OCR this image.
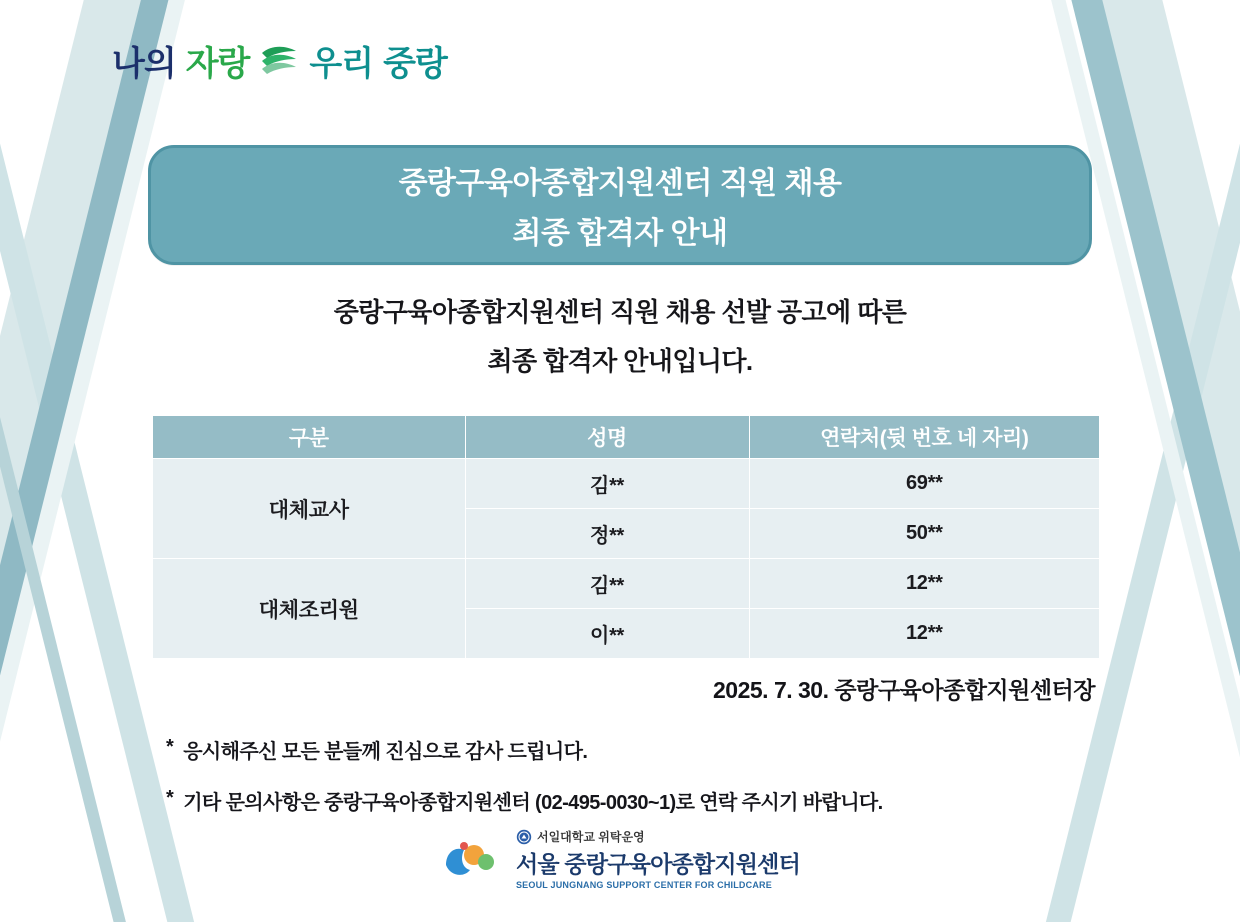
나의 자랑 우리 중랑
중랑구육아종합지원센터 직원 채용
최종 합격자 안내
중랑구육아종합지원센터 직원 채용 선발 공고에 따른
최종 합격자 안내입니다.
구분	성명	연락처(뒷 번호 네 자리)
대체교사	김**	69**
	정**	50**
대체조리원	김**	12**
	이**	12**
2025. 7. 30. 중랑구육아종합지원센터장
* 응시해주신 모든 분들께 진심으로 감사 드립니다.
* 기타 문의사항은 중랑구육아종합지원센터 (02-495-0030~1)로 연락 주시기 바랍니다.
서일대학교 위탁운영
서울 중랑구육아종합지원센터
SEOUL JUNGNANG SUPPORT CENTER FOR CHILDCARE
